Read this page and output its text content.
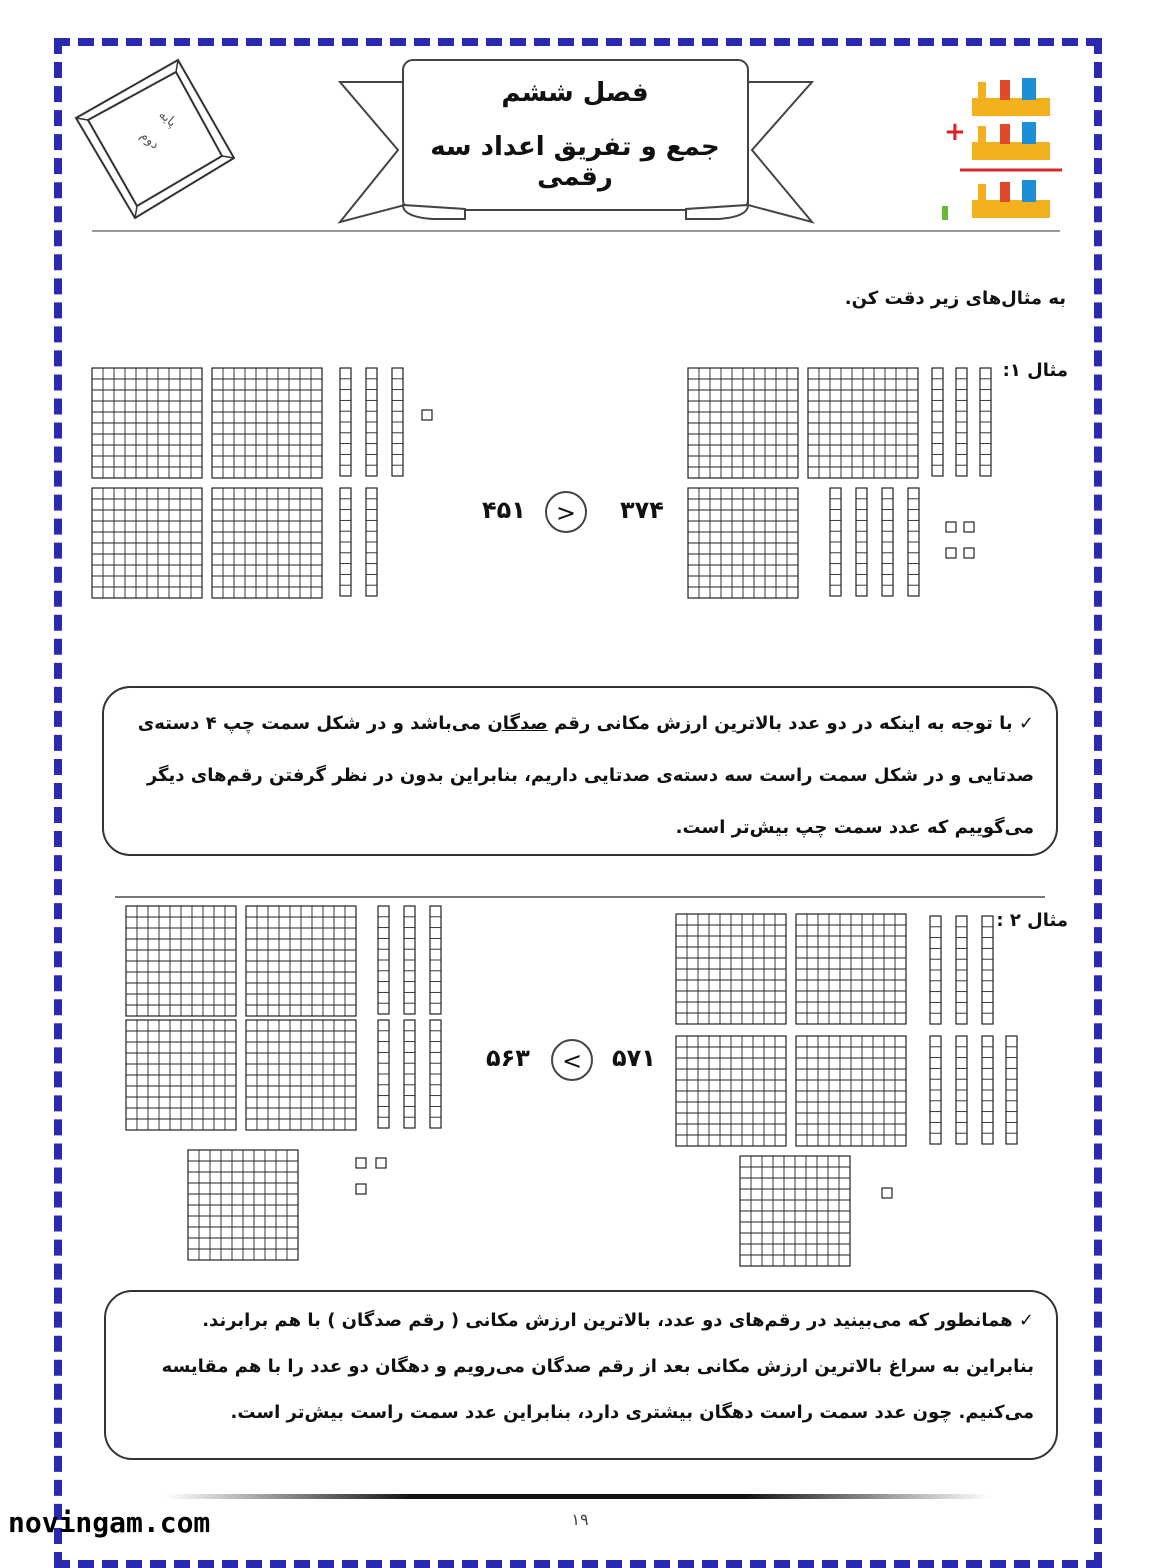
+
فصل ششم
جمع و تفریق اعداد سه رقمی
پایه
دوم
به مثال‌های زیر دقت کن.
مثال ۱:
۴۵۱	>	۳۷۴

✓ با توجه به اینکه در دو عدد بالاترین ارزش مکانی رقم صدگان می‌باشد و در شکل سمت چپ ۴ دسته‌ی

صدتایی و در شکل سمت راست سه دسته‌ی صدتایی داریم، بنابراین بدون در نظر گرفتن رقم‌های دیگر

می‌گوییم که عدد سمت چپ بیش‌تر است.

مثال ۲ :
۵۶۳	<	۵۷۱

✓ همانطور که می‌بینید در رقم‌های دو عدد، بالاترین ارزش مکانی ( رقم صدگان ) با هم برابرند.

بنابراین به سراغ بالاترین ارزش مکانی بعد از رقم صدگان می‌رویم و دهگان دو عدد را با هم مقایسه

می‌کنیم. چون عدد سمت راست دهگان بیشتری دارد، بنابراین عدد سمت راست بیش‌تر است.

۱۹
novingam.com
